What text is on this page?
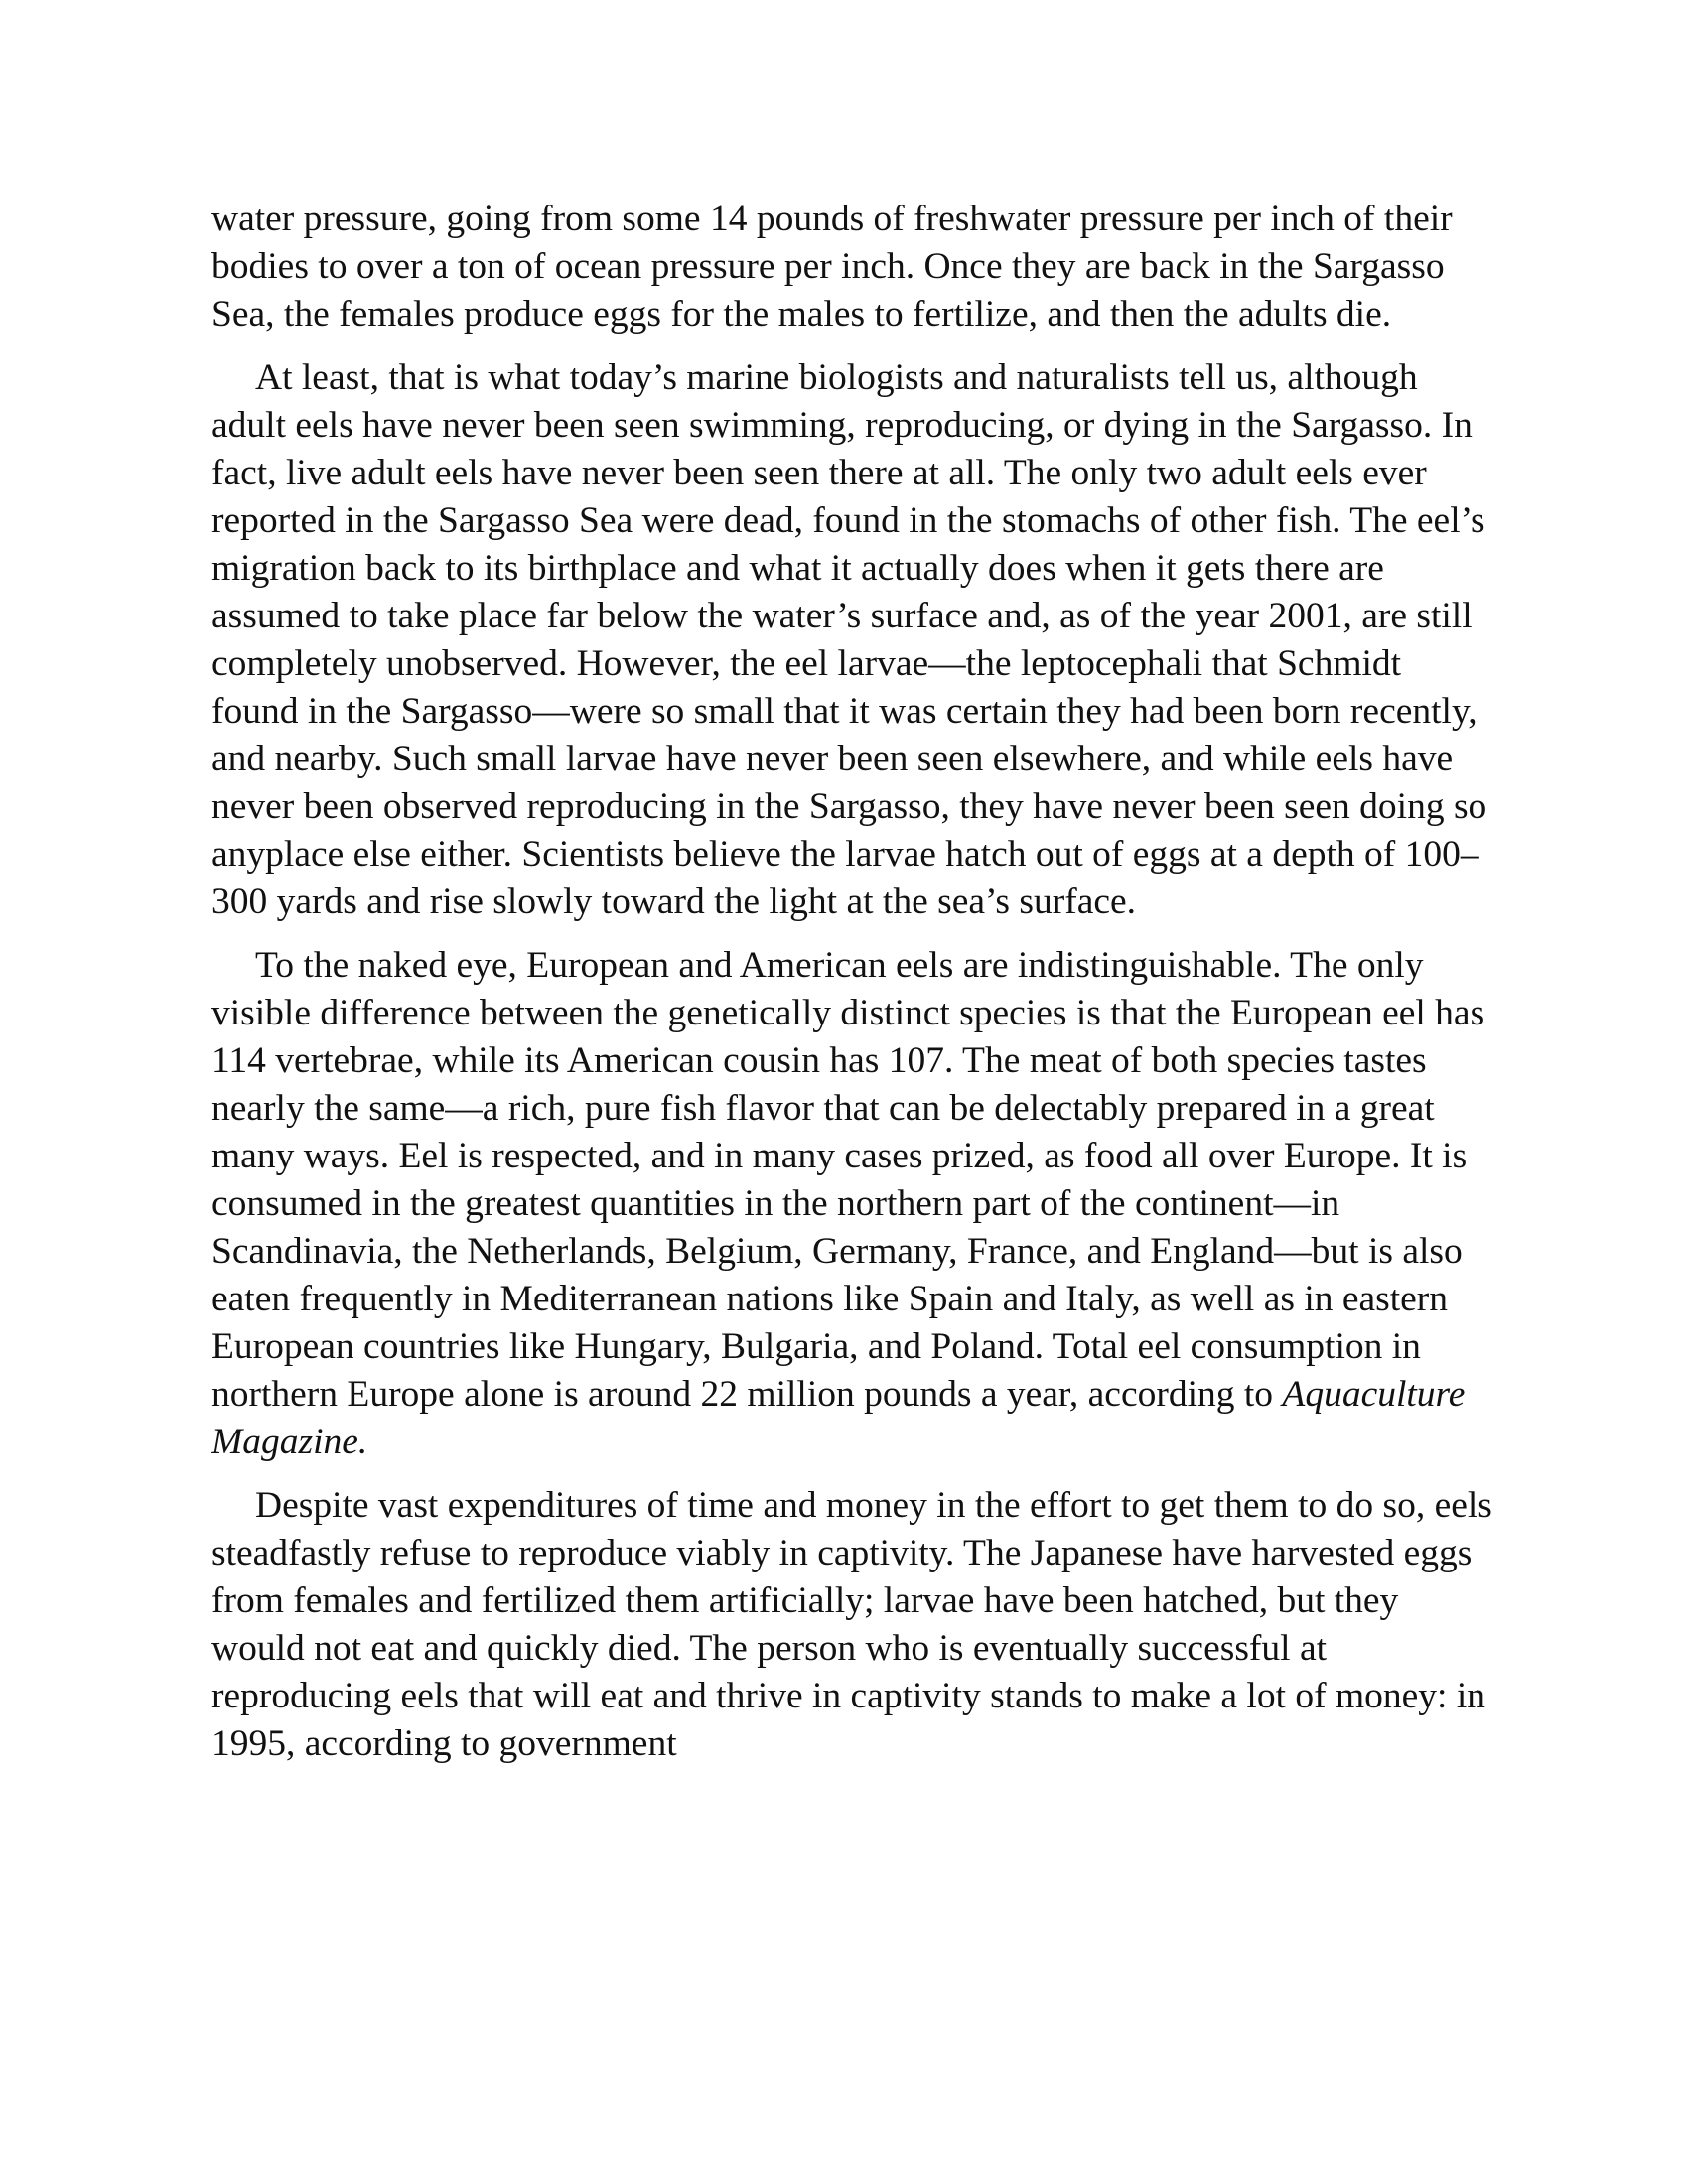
water pressure, going from some 14 pounds of freshwater pressure per inch of their bodies to over a ton of ocean pressure per inch. Once they are back in the Sargasso Sea, the females produce eggs for the males to fertilize, and then the adults die.

At least, that is what today’s marine biologists and naturalists tell us, although adult eels have never been seen swimming, reproducing, or dying in the Sargasso. In fact, live adult eels have never been seen there at all. The only two adult eels ever reported in the Sargasso Sea were dead, found in the stomachs of other fish. The eel’s migration back to its birthplace and what it actually does when it gets there are assumed to take place far below the water’s surface and, as of the year 2001, are still completely unobserved. However, the eel larvae—the leptocephali that Schmidt found in the Sargasso—were so small that it was certain they had been born recently, and nearby. Such small larvae have never been seen elsewhere, and while eels have never been observed reproducing in the Sargasso, they have never been seen doing so anyplace else either. Scientists believe the larvae hatch out of eggs at a depth of 100–300 yards and rise slowly toward the light at the sea’s surface.

To the naked eye, European and American eels are indistinguishable. The only visible difference between the genetically distinct species is that the European eel has 114 vertebrae, while its American cousin has 107. The meat of both species tastes nearly the same—a rich, pure fish flavor that can be delectably prepared in a great many ways. Eel is respected, and in many cases prized, as food all over Europe. It is consumed in the greatest quantities in the northern part of the continent—in Scandinavia, the Netherlands, Belgium, Germany, France, and England—but is also eaten frequently in Mediterranean nations like Spain and Italy, as well as in eastern European countries like Hungary, Bulgaria, and Poland. Total eel consumption in northern Europe alone is around 22 million pounds a year, according to Aquaculture Magazine.

Despite vast expenditures of time and money in the effort to get them to do so, eels steadfastly refuse to reproduce viably in captivity. The Japanese have harvested eggs from females and fertilized them artificially; larvae have been hatched, but they would not eat and quickly died. The person who is eventually successful at reproducing eels that will eat and thrive in captivity stands to make a lot of money: in 1995, according to government
